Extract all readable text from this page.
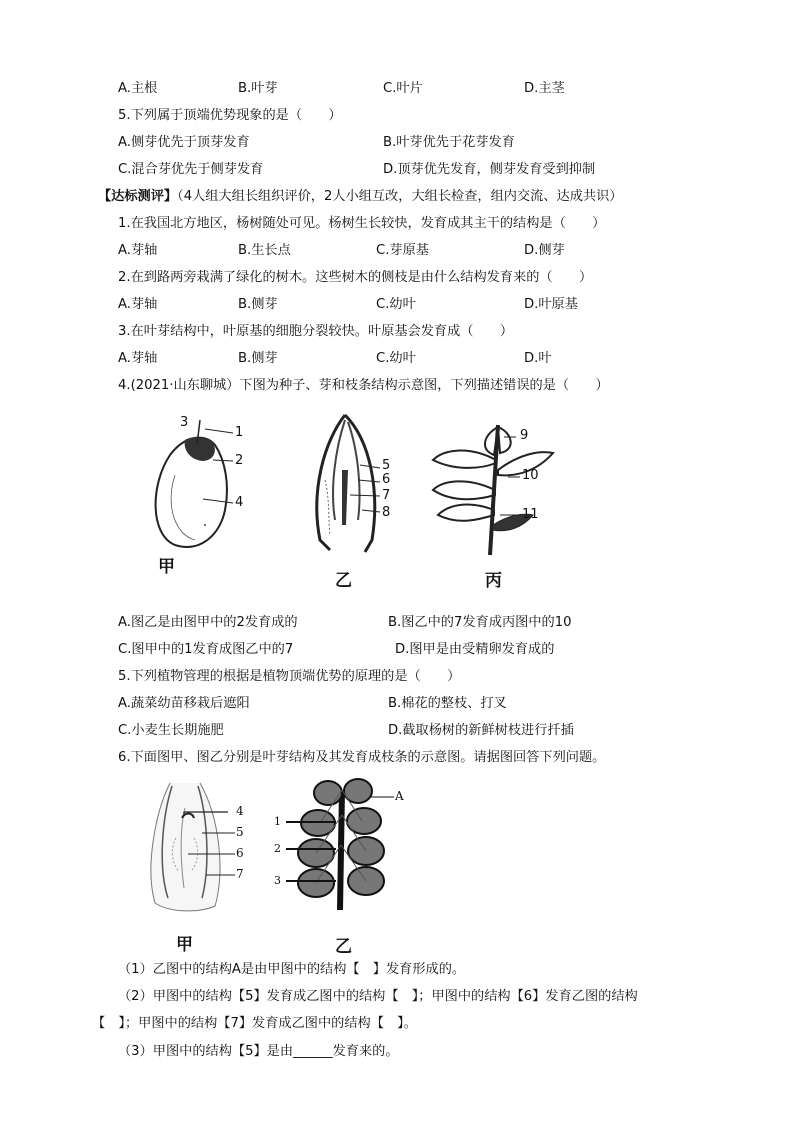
A.主根	B.叶芽	C.叶片	D.主茎
5.下列属于顶端优势现象的是（　　）
A.侧芽优先于顶芽发育	B.叶芽优先于花芽发育
C.混合芽优先于侧芽发育	D.顶芽优先发育，侧芽发育受到抑制
【达标测评】（4人组大组长组织评价，2人小组互改，大组长检查，组内交流、达成共识）
1.在我国北方地区，杨树随处可见。杨树生长较快，发育成其主干的结构是（　　）
A.芽轴	B.生长点	C.芽原基	D.侧芽
2.在到路两旁栽满了绿化的树木。这些树木的侧枝是由什么结构发育来的（　　）
A.芽轴	B.侧芽	C.幼叶	D.叶原基
3.在叶芽结构中，叶原基的细胞分裂较快。叶原基会发育成（　　）
A.芽轴	B.侧芽	C.幼叶	D.叶
4.(2021·山东聊城）下图为种子、芽和枝条结构示意图，下列描述错误的是（　　）
3
1
2
4
甲
5
6
7
8
乙
9
10
11
丙
A.图乙是由图甲中的2发育成的	B.图乙中的7发育成丙图中的10
C.图甲中的1发育成图乙中的7	D.图甲是由受精卵发育成的
5.下列植物管理的根据是植物顶端优势的原理的是（　　）
A.蔬菜幼苗移栽后遮阳	B.棉花的整枝、打叉
C.小麦生长期施肥	D.截取杨树的新鲜树枝进行扦插
6.下面图甲、图乙分别是叶芽结构及其发育成枝条的示意图。请据图回答下列问题。
4
5
6
7
甲
A
1
2
3
乙
（1）乙图中的结构A是由甲图中的结构【　】发育形成的。
（2）甲图中的结构【5】发育成乙图中的结构【　】；甲图中的结构【6】发育乙图的结构
【　】；甲图中的结构【7】发育成乙图中的结构【　】。
（3）甲图中的结构【5】是由______发育来的。
